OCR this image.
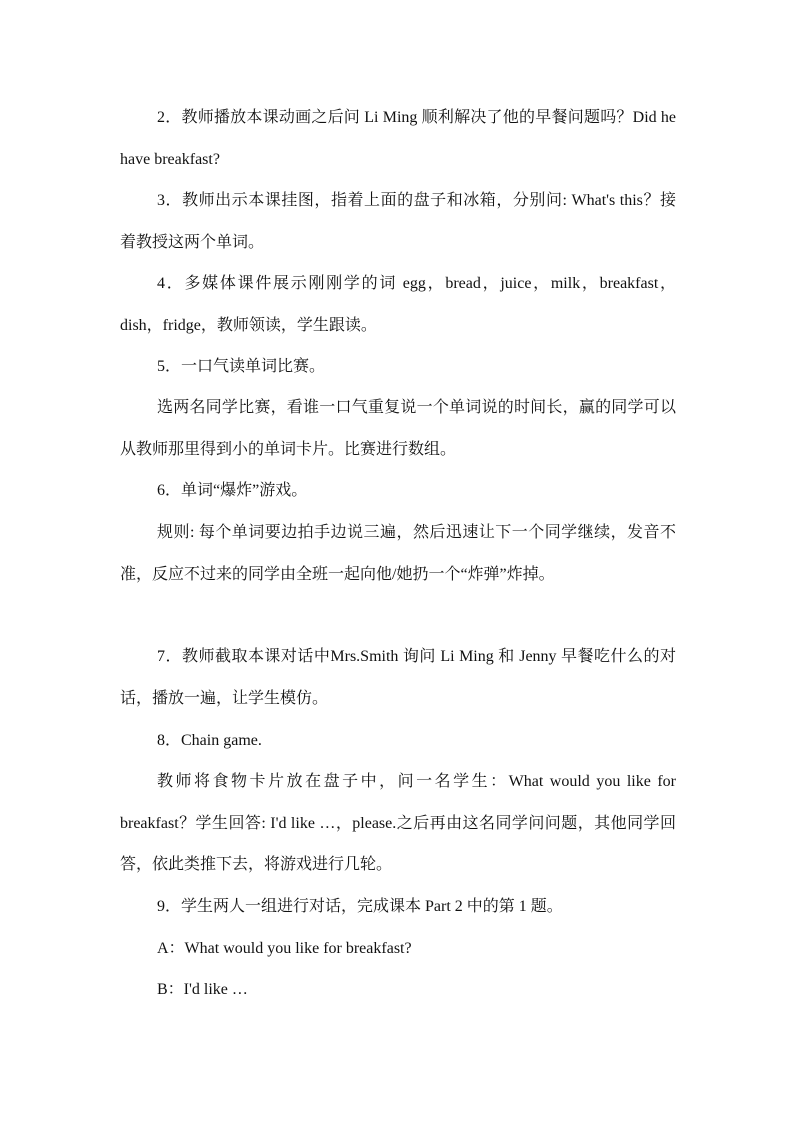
2．教师播放本课动画之后问 Li Ming 顺利解决了他的早餐问题吗？Did he have breakfast?

3．教师出示本课挂图，指着上面的盘子和冰箱，分别问: What's this？接着教授这两个单词。

4．多媒体课件展示刚刚学的词 egg，bread，juice，milk，breakfast，dish，fridge，教师领读，学生跟读。

5．一口气读单词比赛。

选两名同学比赛，看谁一口气重复说一个单词说的时间长，赢的同学可以从教师那里得到小的单词卡片。比赛进行数组。

6．单词“爆炸”游戏。

规则: 每个单词要边拍手边说三遍，然后迅速让下一个同学继续，发音不准，反应不过来的同学由全班一起向他/她扔一个“炸弹”炸掉。

7．教师截取本课对话中Mrs.Smith 询问 Li Ming 和 Jenny 早餐吃什么的对话，播放一遍，让学生模仿。

8．Chain game.

教师将食物卡片放在盘子中，问一名学生：What would you like for breakfast？学生回答: I'd like …，please.之后再由这名同学问问题，其他同学回答，依此类推下去，将游戏进行几轮。

9．学生两人一组进行对话，完成课本 Part 2 中的第 1 题。

A：What would you like for breakfast?

B：I'd like …
